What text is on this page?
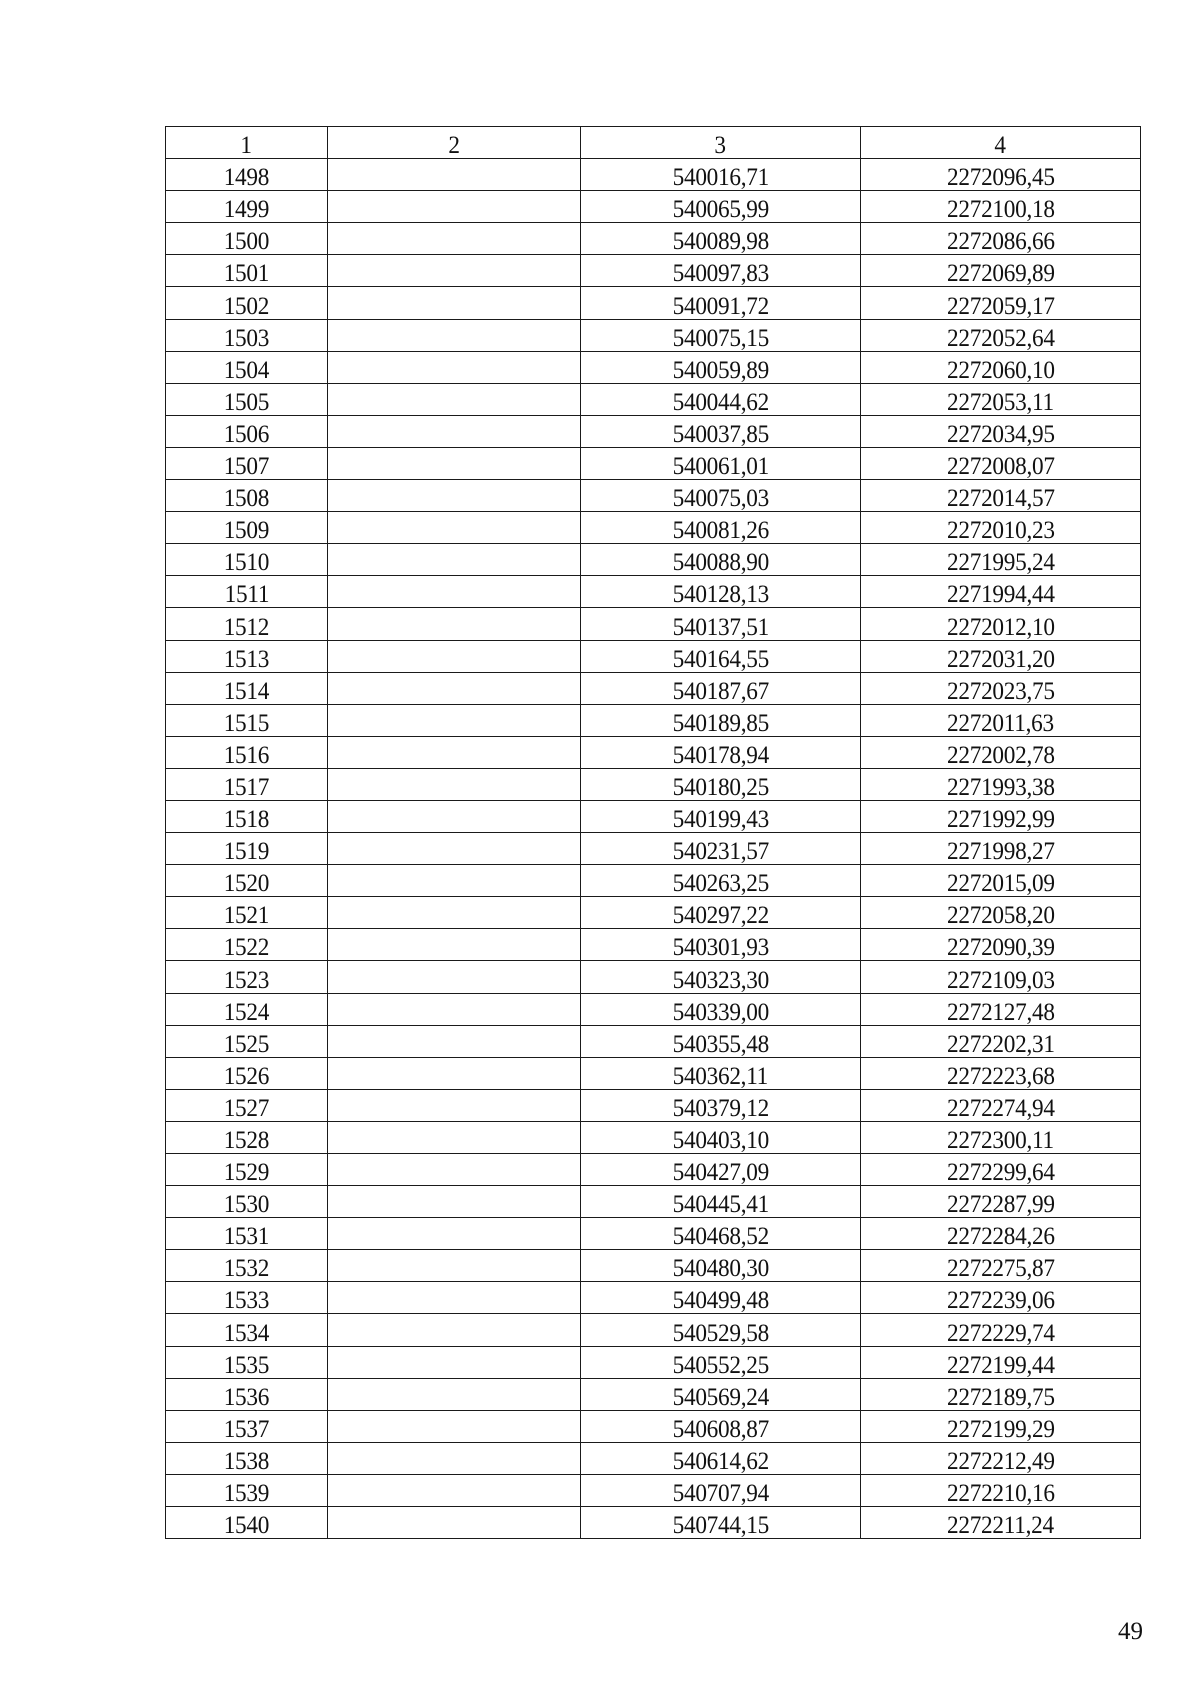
1	2	3	4
1498		540016,71	2272096,45
1499		540065,99	2272100,18
1500		540089,98	2272086,66
1501		540097,83	2272069,89
1502		540091,72	2272059,17
1503		540075,15	2272052,64
1504		540059,89	2272060,10
1505		540044,62	2272053,11
1506		540037,85	2272034,95
1507		540061,01	2272008,07
1508		540075,03	2272014,57
1509		540081,26	2272010,23
1510		540088,90	2271995,24
1511		540128,13	2271994,44
1512		540137,51	2272012,10
1513		540164,55	2272031,20
1514		540187,67	2272023,75
1515		540189,85	2272011,63
1516		540178,94	2272002,78
1517		540180,25	2271993,38
1518		540199,43	2271992,99
1519		540231,57	2271998,27
1520		540263,25	2272015,09
1521		540297,22	2272058,20
1522		540301,93	2272090,39
1523		540323,30	2272109,03
1524		540339,00	2272127,48
1525		540355,48	2272202,31
1526		540362,11	2272223,68
1527		540379,12	2272274,94
1528		540403,10	2272300,11
1529		540427,09	2272299,64
1530		540445,41	2272287,99
1531		540468,52	2272284,26
1532		540480,30	2272275,87
1533		540499,48	2272239,06
1534		540529,58	2272229,74
1535		540552,25	2272199,44
1536		540569,24	2272189,75
1537		540608,87	2272199,29
1538		540614,62	2272212,49
1539		540707,94	2272210,16
1540		540744,15	2272211,24
49
